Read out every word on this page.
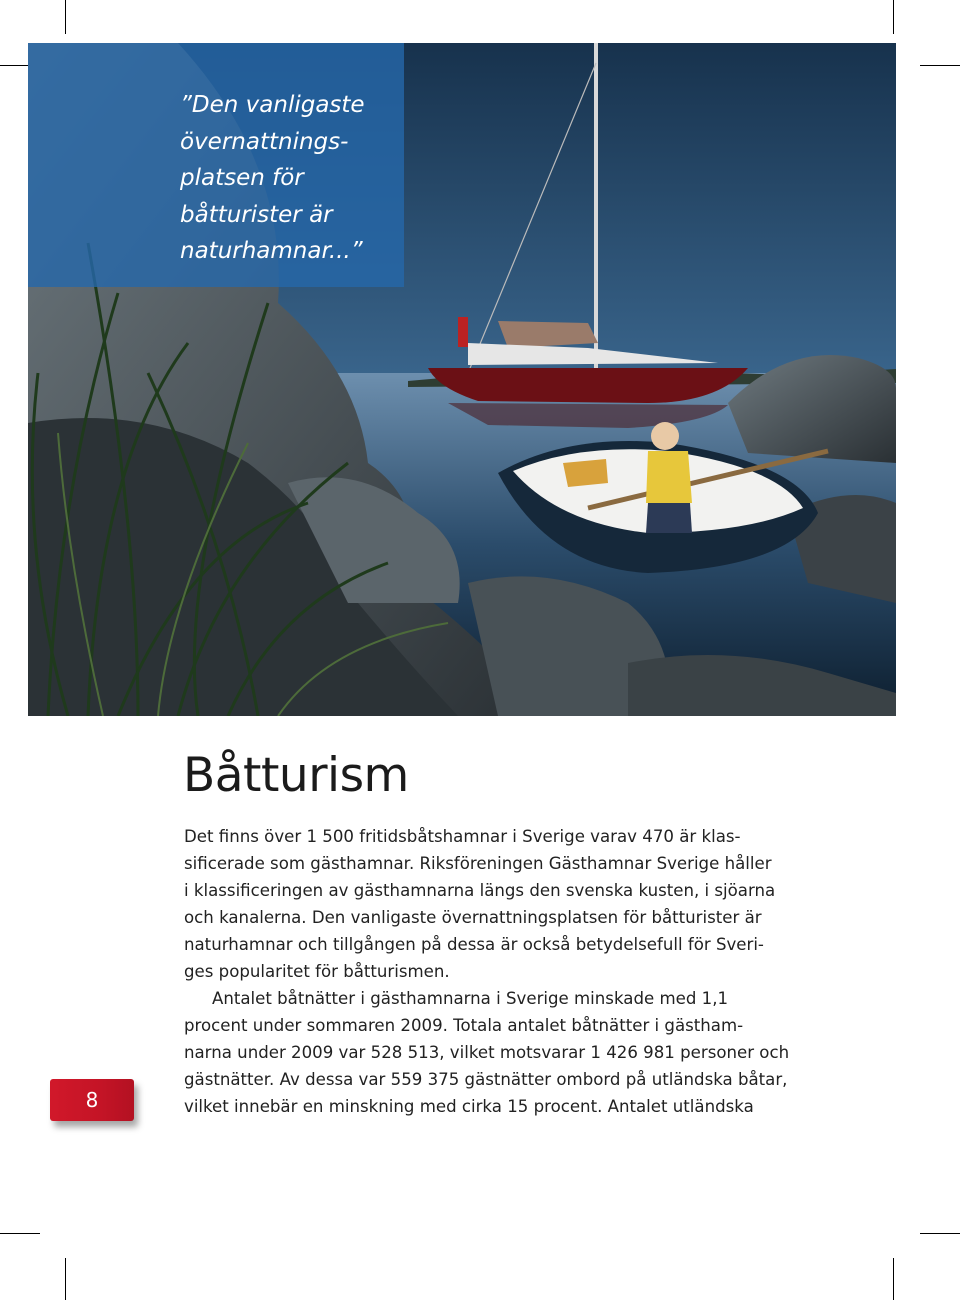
”Den vanligaste
övernattnings-
platsen för
båtturister är
naturhamnar...”
Båtturism

Det finns över 1 500 fritidsbåtshamnar i Sverige varav 470 är klas-
sificerade som gästhamnar. Riksföreningen Gästhamnar Sverige håller
i klassificeringen av gästhamnarna längs den svenska kusten, i sjöarna
och kanalerna. Den vanligaste övernattningsplatsen för båtturister är
naturhamnar och tillgången på dessa är också betydelsefull för Sveri-
ges popularitet för båtturismen.

Antalet båtnätter i gästhamnarna i Sverige minskade med 1,1
procent under sommaren 2009. Totala antalet båtnätter i gästham-
narna under 2009 var 528 513, vilket motsvarar 1 426 981 personer och
gästnätter. Av dessa var 559 375 gästnätter ombord på utländska båtar,
vilket innebär en minskning med cirka 15 procent. Antalet utländska

8
